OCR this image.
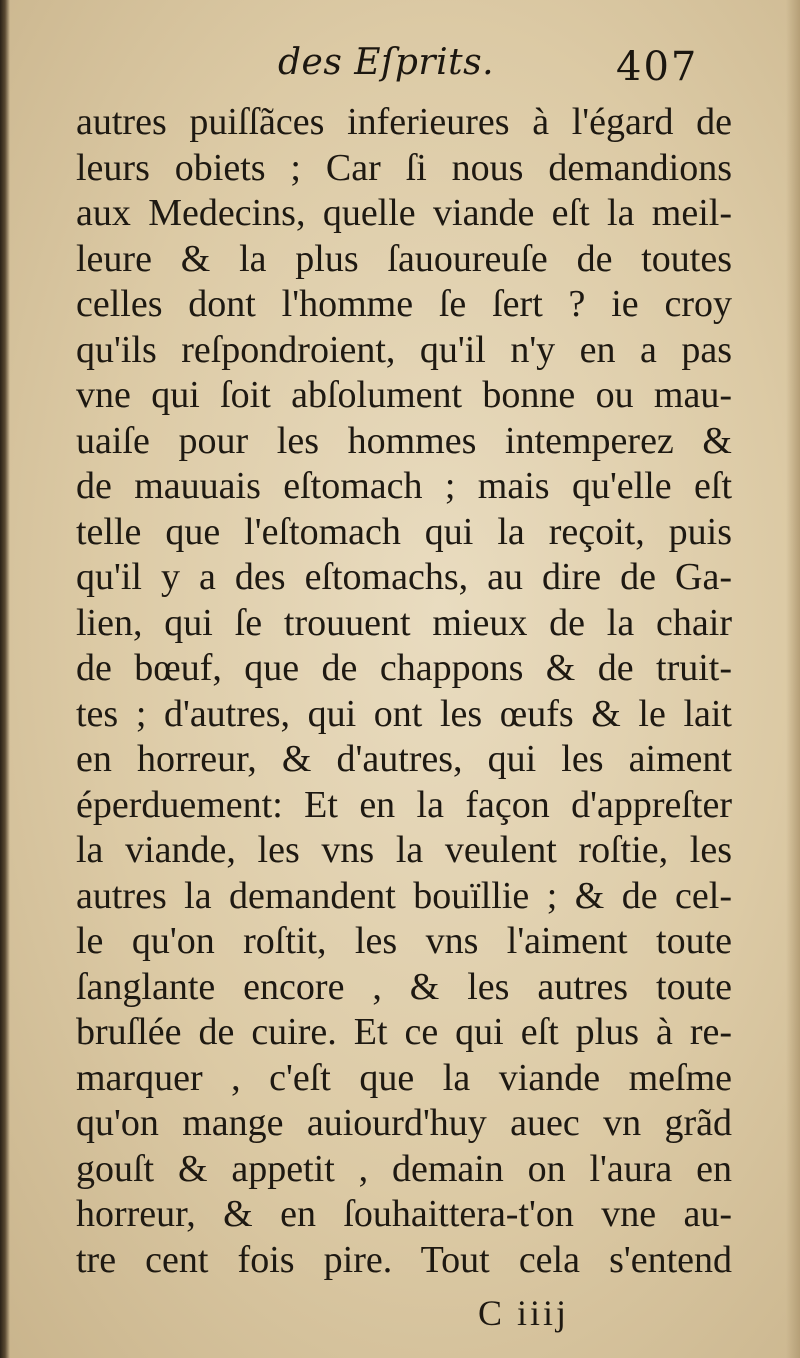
des Eſprits.	407
autres puiſſãces inferieures à l'égard de
leurs obiets ; Car ſi nous demandions
aux Medecins, quelle viande eſt la meil-
leure & la plus ſauoureuſe de toutes
celles dont l'homme ſe ſert ? ie croy
qu'ils reſpondroient, qu'il n'y en a pas
vne qui ſoit abſolument bonne ou mau-
uaiſe pour les hommes intemperez &
de mauuais eſtomach ; mais qu'elle eſt
telle que l'eſtomach qui la reçoit, puis
qu'il y a des eſtomachs, au dire de Ga-
lien, qui ſe trouuent mieux de la chair
de bœuf, que de chappons & de truit-
tes ; d'autres, qui ont les œufs & le lait
en horreur, & d'autres, qui les aiment
éperduement: Et en la façon d'appreſter
la viande, les vns la veulent roſtie, les
autres la demandent bouïllie ; & de cel-
le qu'on roſtit, les vns l'aiment toute
ſanglante encore , & les autres toute
bruſlée de cuire. Et ce qui eſt plus à re-
marquer , c'eſt que la viande meſme
qu'on mange auiourd'huy auec vn grãd
gouſt & appetit , demain on l'aura en
horreur, & en ſouhaittera-t'on vne au-
tre cent fois pire. Tout cela s'entend
C iiij
